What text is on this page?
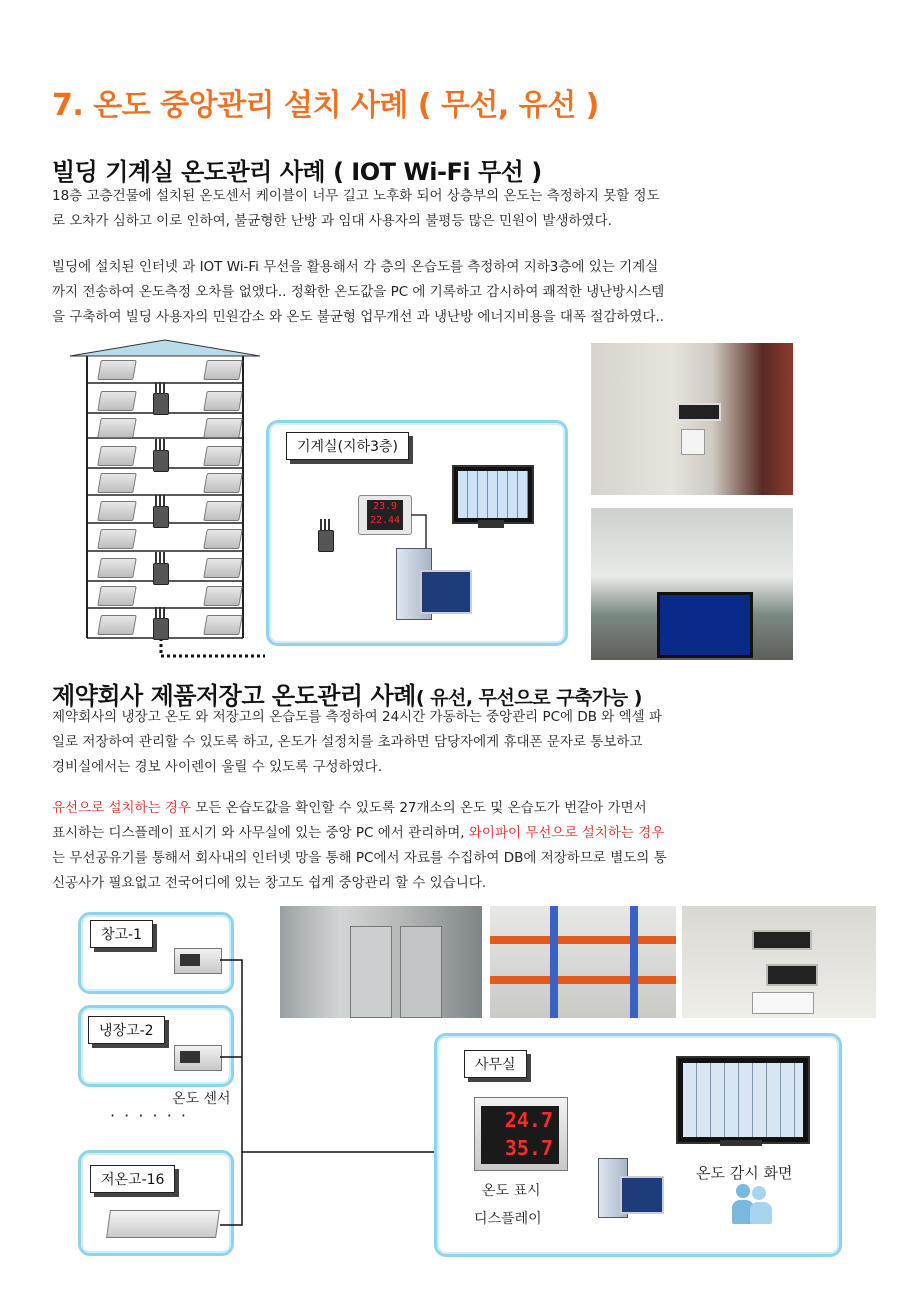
7. 온도 중앙관리 설치 사례 ( 무선, 유선 )
빌딩 기계실 온도관리 사례 ( IOT Wi-Fi 무선 )
18층 고층건물에 설치된 온도센서 케이블이 너무 길고 노후화 되어 상층부의 온도는 측정하지 못할 정도
로 오차가 심하고 이로 인하여, 불균형한 난방 과 임대 사용자의 불평등 많은 민원이 발생하였다.
빌딩에 설치된 인터넷 과 IOT Wi-Fi 무선을 활용해서 각 층의 온습도를 측정하여 지하3층에 있는 기계실
까지 전송하여 온도측정 오차를 없앴다.. 정확한 온도값을 PC 에 기록하고 감시하여 쾌적한 냉난방시스템
을 구축하여 빌딩 사용자의 민원감소 와 온도 불균형 업무개선 과 냉난방 에너지비용을 대폭 절감하였다..
기계실(지하3층)
23.9
22.44
제약회사 제품저장고 온도관리 사례( 유선, 무선으로 구축가능 )
제약회사의 냉장고 온도 와 저장고의 온습도를 측정하여 24시간 가동하는 중앙관리 PC에 DB 와 엑셀 파
일로 저장하여 관리할 수 있도록 하고, 온도가 설정치를 초과하면 담당자에게 휴대폰 문자로 통보하고
경비실에서는 경보 사이렌이 울릴 수 있도록 구성하였다.
유선으로 설치하는 경우 모든 온습도값을 확인할 수 있도록 27개소의 온도 및 온습도가 번갈아 가면서
표시하는 디스플레이 표시기 와 사무실에 있는 중앙 PC 에서 관리하며, 와이파이 무선으로 설치하는 경우
는 무선공유기를 통해서 회사내의 인터넷 망을 통해 PC에서 자료를 수집하여 DB에 저장하므로 별도의 통
신공사가 필요없고 전국어디에 있는 창고도 쉽게 중앙관리 할 수 있습니다.
창고-1
냉장고-2
온도 센서
· · · · · ·
저온고-16
사무실
24.7
35.7
온도 표시
디스플레이
온도 감시 화면
